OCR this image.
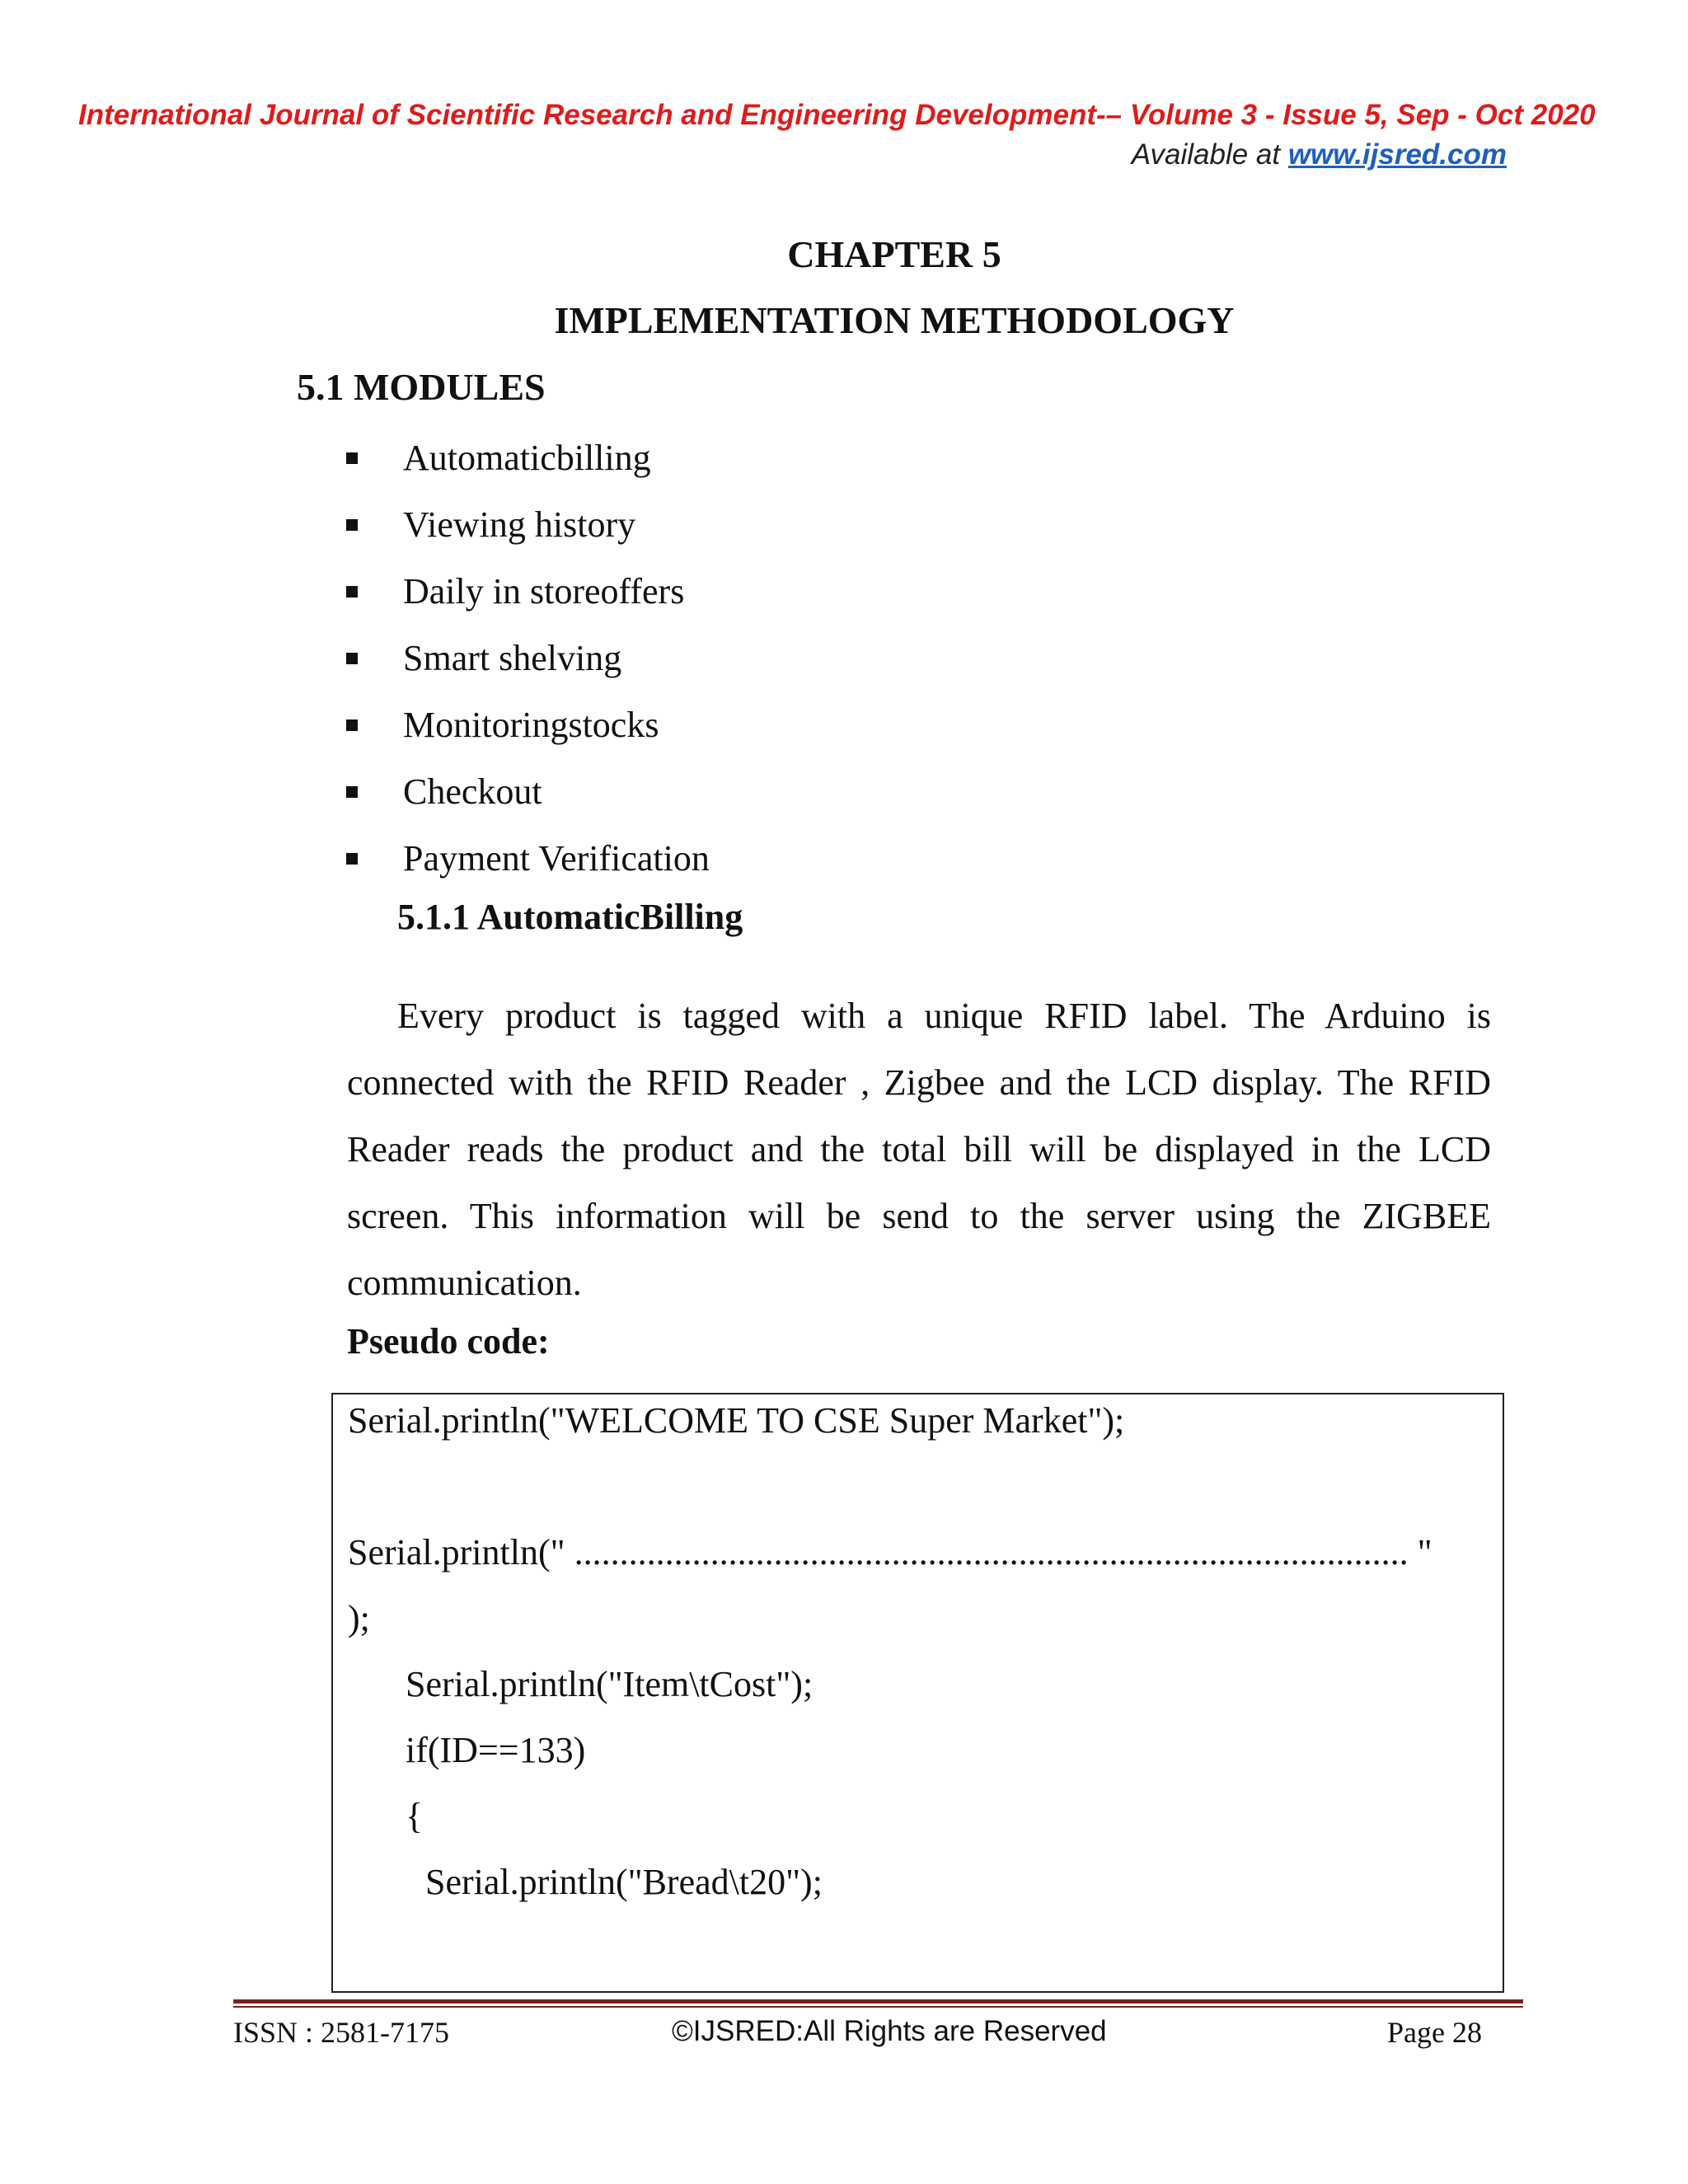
International Journal of Scientific Research and Engineering Development-– Volume 3 - Issue 5, Sep - Oct 2020
Available at www.ijsred.com
CHAPTER 5
IMPLEMENTATION METHODOLOGY
5.1 MODULES
Automaticbilling
Viewing history
Daily in storeoffers
Smart shelving
Monitoringstocks
Checkout
Payment Verification
5.1.1 AutomaticBilling

Every product is tagged with a unique RFID label. The Arduino is connected with the RFID Reader , Zigbee and the LCD display. The RFID Reader reads the product and the total bill will be displayed in the LCD screen. This information will be send to the server using the ZIGBEE communication.

Pseudo code:
Serial.println("WELCOME TO CSE Super Market");
Serial.println(" ............................................................................................ "
);
Serial.println("Item\tCost");
if(ID==133)
{
Serial.println("Bread\t20");
ISSN : 2581-7175	©IJSRED:All Rights are Reserved	Page 28
